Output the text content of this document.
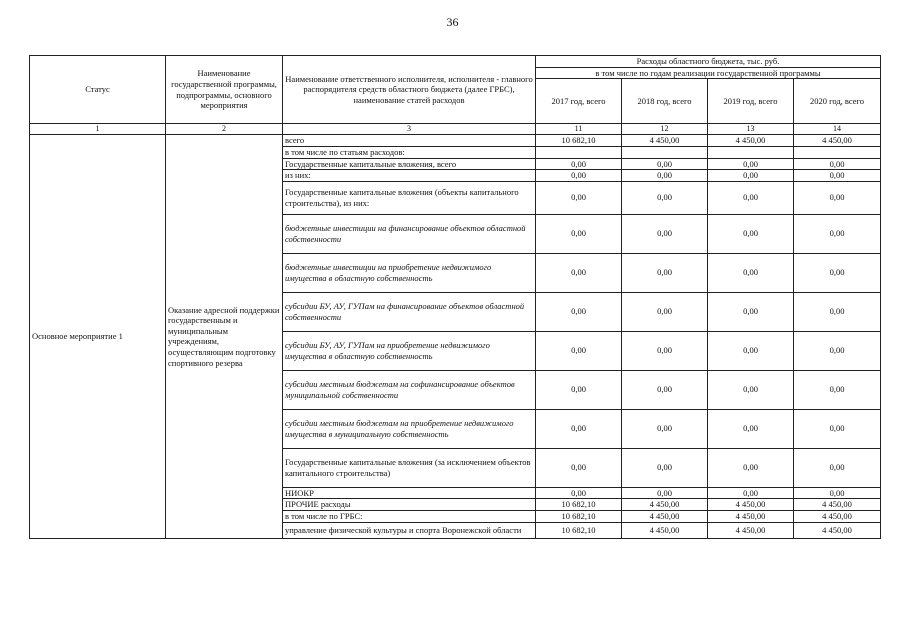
36
Статус	Наименование государственной программы, подпрограммы, основного мероприятия	Наименование ответственного исполнителя, исполнителя - главного распорядителя средств областного бюджета (далее ГРБС), наименование статей расходов	Расходы областного бюджета, тыс. руб.			
			в том числе по годам реализации государственной программы			
			2017 год, всего	2018 год, всего	2019 год, всего	2020 год, всего
1	2	3	11	12	13	14
Основное мероприятие 1	Оказание адресной поддержки государственным и муниципальным учреждениям, осуществляющим подготовку спортивного резерва	всего	10 682,10	4 450,00	4 450,00	4 450,00
		в том числе по статьям расходов:				
		Государственные капитальные вложения, всего	0,00	0,00	0,00	0,00
		из них:	0,00	0,00	0,00	0,00
		Государственные капитальные вложения (объекты капитального строительства), из них:	0,00	0,00	0,00	0,00
		бюджетные инвестиции на финансирование объектов областной собственности	0,00	0,00	0,00	0,00
		бюджетные инвестиции на приобретение недвижимого имущества в областную собственность	0,00	0,00	0,00	0,00
		субсидии БУ, АУ, ГУПам на финансирование объектов областной собственности	0,00	0,00	0,00	0,00
		субсидии БУ, АУ, ГУПам на приобретение недвижимого имущества в областную собственность	0,00	0,00	0,00	0,00
		субсидии местным бюджетам на софинансирование объектов муниципальной собственности	0,00	0,00	0,00	0,00
		субсидии местным бюджетам на приобретение недвижимого имущества в муниципальную собственность	0,00	0,00	0,00	0,00
		Государственные капитальные вложения (за исключением объектов капитального строительства)	0,00	0,00	0,00	0,00
		НИОКР	0,00	0,00	0,00	0,00
		ПРОЧИЕ расходы	10 682,10	4 450,00	4 450,00	4 450,00
		в том числе по ГРБС:	10 682,10	4 450,00	4 450,00	4 450,00
		управление физической культуры и спорта Воронежской области	10 682,10	4 450,00	4 450,00	4 450,00
